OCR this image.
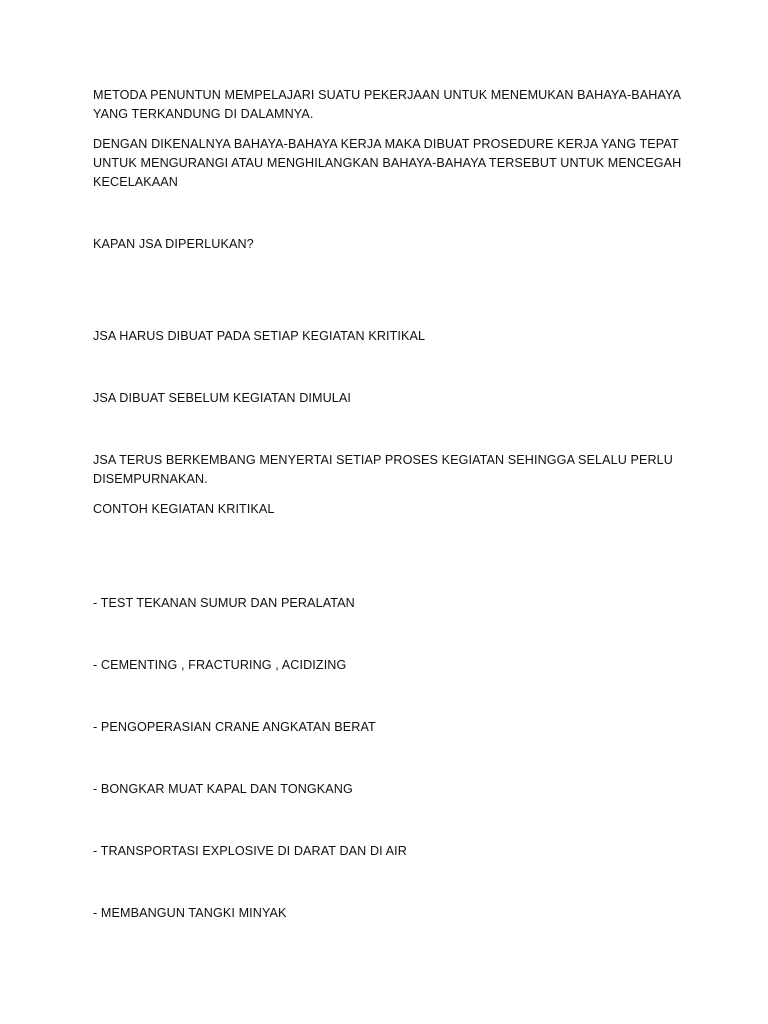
METODA PENUNTUN MEMPELAJARI SUATU PEKERJAAN UNTUK MENEMUKAN BAHAYA-BAHAYA

YANG TERKANDUNG DI DALAMNYA.

DENGAN DIKENALNYA BAHAYA-BAHAYA KERJA MAKA DIBUAT PROSEDURE KERJA YANG TEPAT

UNTUK MENGURANGI ATAU MENGHILANGKAN BAHAYA-BAHAYA TERSEBUT UNTUK MENCEGAH

KECELAKAAN

KAPAN JSA DIPERLUKAN?

JSA HARUS DIBUAT PADA SETIAP KEGIATAN KRITIKAL

JSA DIBUAT SEBELUM KEGIATAN DIMULAI

JSA TERUS BERKEMBANG MENYERTAI SETIAP PROSES KEGIATAN SEHINGGA SELALU PERLU

DISEMPURNAKAN.

CONTOH KEGIATAN KRITIKAL

- TEST TEKANAN SUMUR DAN PERALATAN

- CEMENTING , FRACTURING , ACIDIZING

- PENGOPERASIAN CRANE ANGKATAN BERAT

- BONGKAR MUAT KAPAL DAN TONGKANG

- TRANSPORTASI EXPLOSIVE DI DARAT DAN DI AIR

- MEMBANGUN TANGKI MINYAK
